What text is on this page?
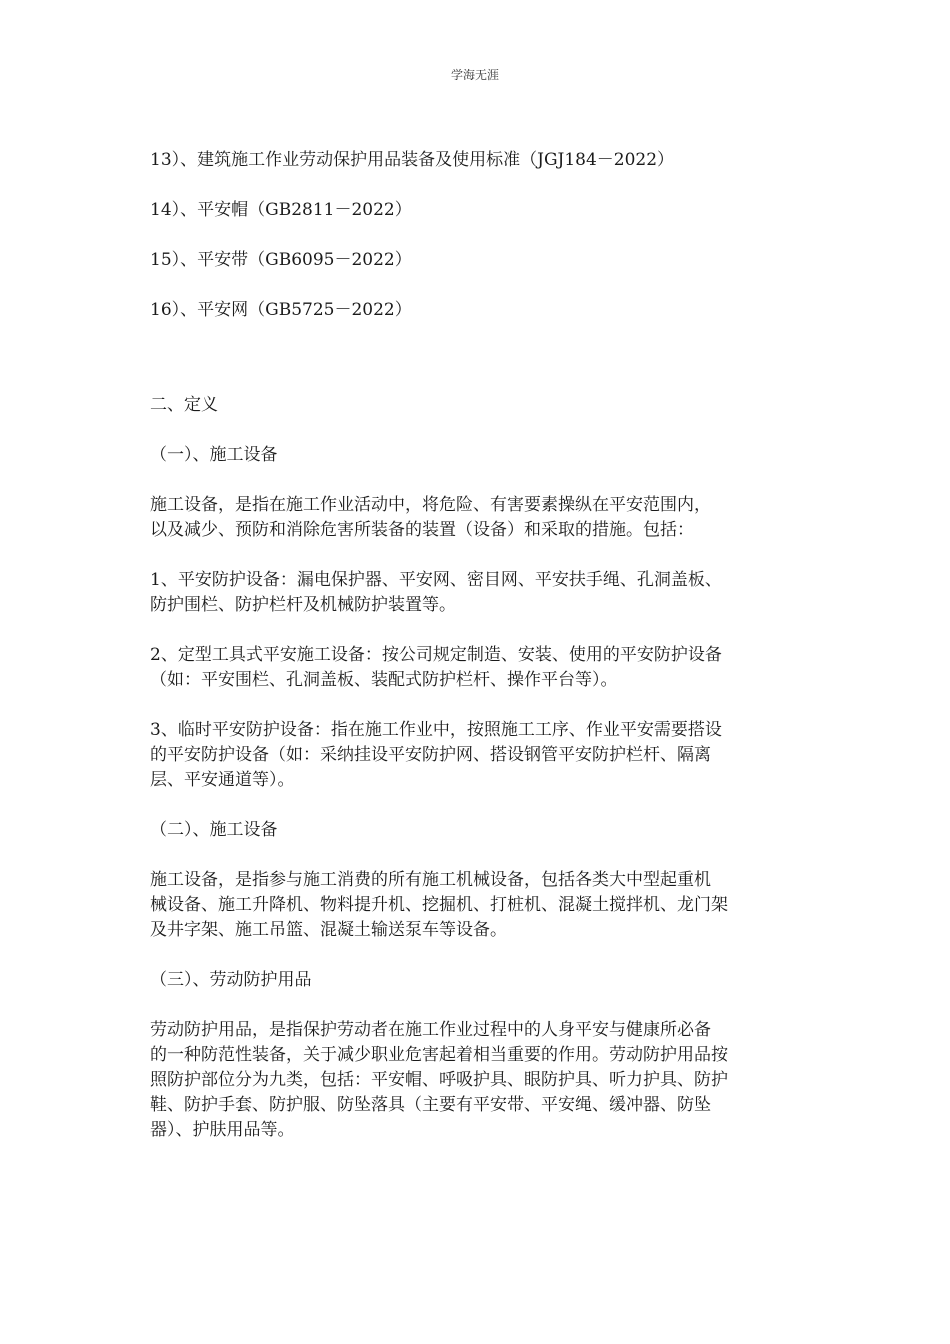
学海无涯

13）、建筑施工作业劳动保护用品装备及使用标准（JGJ184－2022）

14）、平安帽（GB2811－2022）

15）、平安带（GB6095－2022）

16）、平安网（GB5725－2022）

二、定义

（一）、施工设备

施工设备，是指在施工作业活动中，将危险、有害要素操纵在平安范围内，
以及减少、预防和消除危害所装备的装置（设备）和采取的措施。包括：
1、平安防护设备：漏电保护器、平安网、密目网、平安扶手绳、孔洞盖板、
防护围栏、防护栏杆及机械防护装置等。
2、定型工具式平安施工设备：按公司规定制造、安装、使用的平安防护设备
（如：平安围栏、孔洞盖板、装配式防护栏杆、操作平台等）。
3、临时平安防护设备：指在施工作业中，按照施工工序、作业平安需要搭设
的平安防护设备（如：采纳挂设平安防护网、搭设钢管平安防护栏杆、隔离
层、平安通道等）。

（二）、施工设备

施工设备，是指参与施工消费的所有施工机械设备，包括各类大中型起重机
械设备、施工升降机、物料提升机、挖掘机、打桩机、混凝土搅拌机、龙门架
及井字架、施工吊篮、混凝土输送泵车等设备。

（三）、劳动防护用品

劳动防护用品，是指保护劳动者在施工作业过程中的人身平安与健康所必备
的一种防范性装备，关于减少职业危害起着相当重要的作用。劳动防护用品按
照防护部位分为九类，包括：平安帽、呼吸护具、眼防护具、听力护具、防护
鞋、防护手套、防护服、防坠落具（主要有平安带、平安绳、缓冲器、防坠
器）、护肤用品等。
